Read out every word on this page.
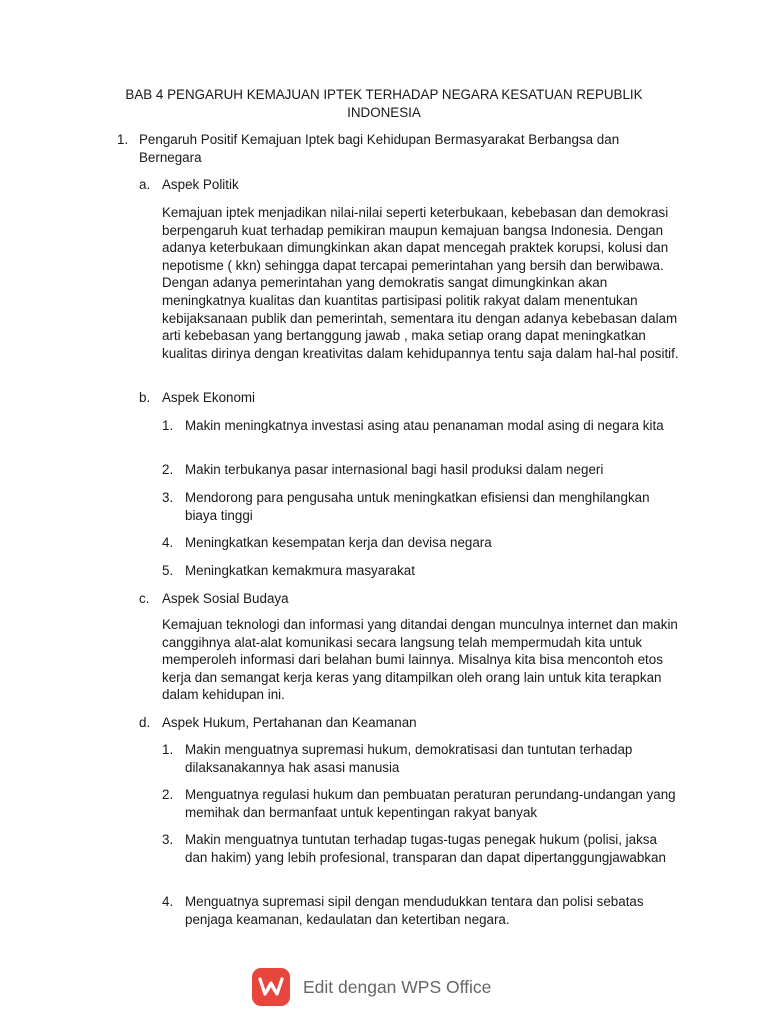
BAB 4 PENGARUH KEMAJUAN IPTEK TERHADAP NEGARA KESATUAN REPUBLIK INDONESIA
1. Pengaruh Positif Kemajuan Iptek bagi Kehidupan Bermasyarakat Berbangsa dan Bernegara
a. Aspek Politik
Kemajuan iptek menjadikan nilai-nilai seperti keterbukaan, kebebasan dan demokrasi berpengaruh kuat terhadap pemikiran maupun kemajuan bangsa Indonesia. Dengan adanya keterbukaan dimungkinkan akan dapat mencegah praktek korupsi, kolusi dan nepotisme ( kkn) sehingga dapat tercapai pemerintahan yang bersih dan berwibawa. Dengan adanya pemerintahan yang demokratis sangat dimungkinkan akan meningkatnya kualitas dan kuantitas partisipasi politik rakyat dalam menentukan kebijaksanaan publik dan pemerintah, sementara itu dengan adanya kebebasan dalam arti kebebasan yang bertanggung jawab , maka setiap orang dapat meningkatkan kualitas dirinya dengan kreativitas dalam kehidupannya tentu saja dalam hal-hal positif.
b. Aspek Ekonomi
1. Makin meningkatnya investasi asing atau penanaman modal asing di negara kita
2. Makin terbukanya pasar internasional bagi hasil produksi dalam negeri
3. Mendorong para pengusaha untuk meningkatkan efisiensi dan menghilangkan biaya tinggi
4. Meningkatkan kesempatan kerja dan devisa negara
5. Meningkatkan kemakmura masyarakat
c. Aspek Sosial Budaya
Kemajuan teknologi dan informasi yang ditandai dengan munculnya internet dan makin canggihnya alat-alat komunikasi secara langsung telah mempermudah kita untuk memperoleh informasi dari belahan bumi lainnya. Misalnya kita bisa mencontoh etos kerja dan semangat kerja keras yang ditampilkan oleh orang lain untuk kita terapkan dalam kehidupan ini.
d. Aspek Hukum, Pertahanan dan Keamanan
1. Makin menguatnya supremasi hukum, demokratisasi dan tuntutan terhadap dilaksanakannya hak asasi manusia
2. Menguatnya regulasi hukum dan pembuatan peraturan perundang-undangan yang memihak dan bermanfaat untuk kepentingan rakyat banyak
3. Makin menguatnya tuntutan terhadap tugas-tugas penegak hukum (polisi, jaksa dan hakim) yang lebih profesional, transparan dan dapat dipertanggungjawabkan
4. Menguatnya supremasi sipil dengan mendudukkan tentara dan polisi sebatas penjaga keamanan, kedaulatan dan ketertiban negara.
Edit dengan WPS Office
